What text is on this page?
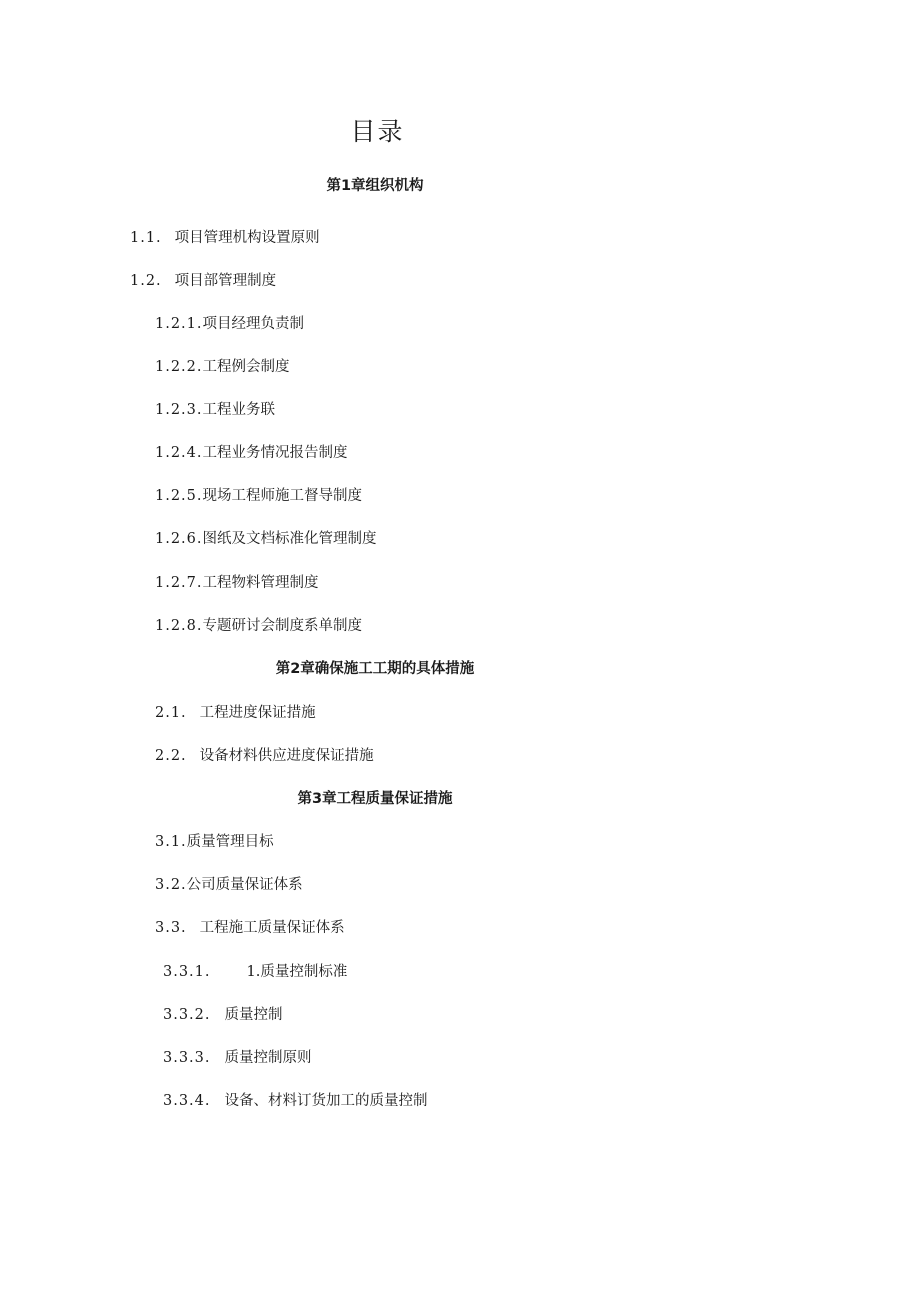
目录
第1章组织机构
1.1. 项目管理机构设置原则
1.2. 项目部管理制度
1.2.1.项目经理负责制
1.2.2.工程例会制度
1.2.3.工程业务联
1.2.4.工程业务情况报告制度
1.2.5.现场工程师施工督导制度
1.2.6.图纸及文档标准化管理制度
1.2.7.工程物料管理制度
1.2.8.专题研讨会制度系单制度
第2章确保施工工期的具体措施
2.1. 工程进度保证措施
2.2. 设备材料供应进度保证措施
第3章工程质量保证措施
3.1.质量管理目标
3.2.公司质量保证体系
3.3. 工程施工质量保证体系
3.3.1. 1.质量控制标准
3.3.2. 质量控制
3.3.3. 质量控制原则
3.3.4. 设备、材料订货加工的质量控制
